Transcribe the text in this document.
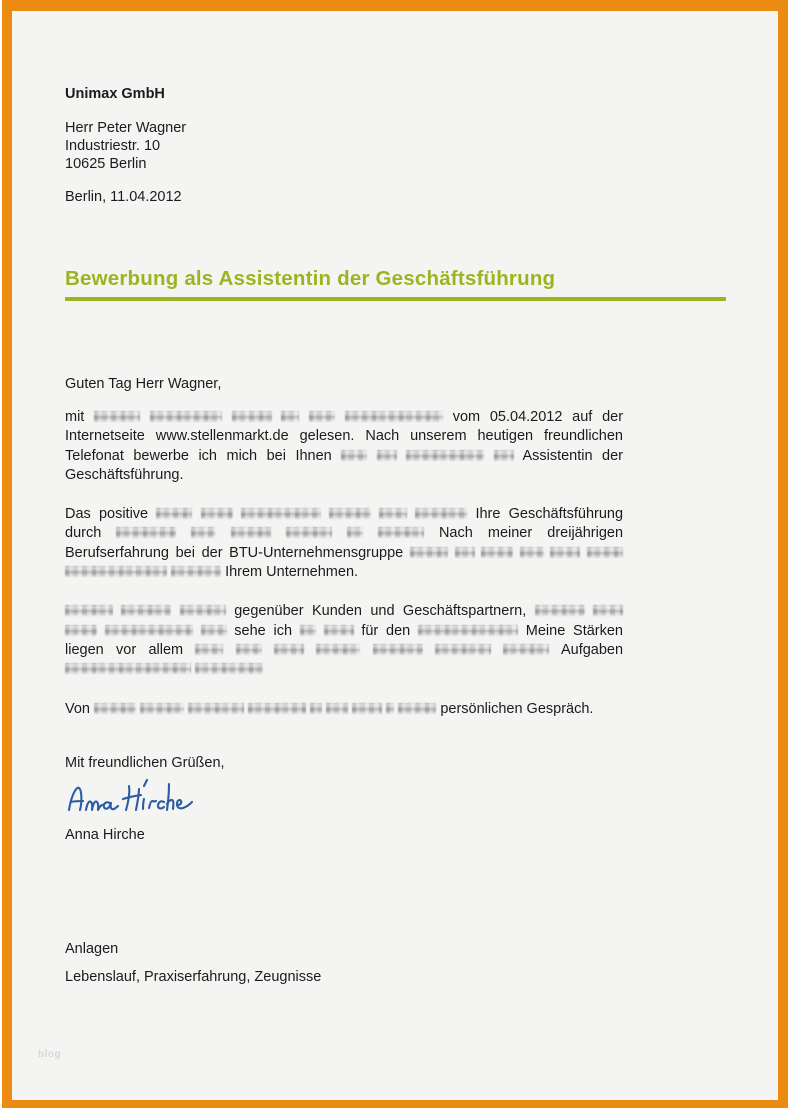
Unimax GmbH
Herr Peter Wagner
Industriestr. 10
10625 Berlin
Berlin, 11.04.2012
Bewerbung als Assistentin der Geschäftsführung
Guten Tag Herr Wagner,

mit	vom 05.04.2012 auf der Internetseite www.stellenmarkt.de gelesen. Nach unserem heutigen freundlichen Telefonat bewerbe ich mich bei Ihnen	Assistentin der Geschäftsführung.

Das positive	Ihre Geschäftsführung durch	Nach meiner dreijährigen Berufserfahrung bei der BTU-Unternehmensgruppe         Ihrem Unternehmen.

gegenüber Kunden und Geschäftspartnern,      sehe ich	für den	Meine Stärken liegen vor allem	Aufgaben

Von	persönlichen Gespräch.

Mit freundlichen Grüßen,
Anna Hirche
Anlagen
Lebenslauf, Praxiserfahrung, Zeugnisse
blog
